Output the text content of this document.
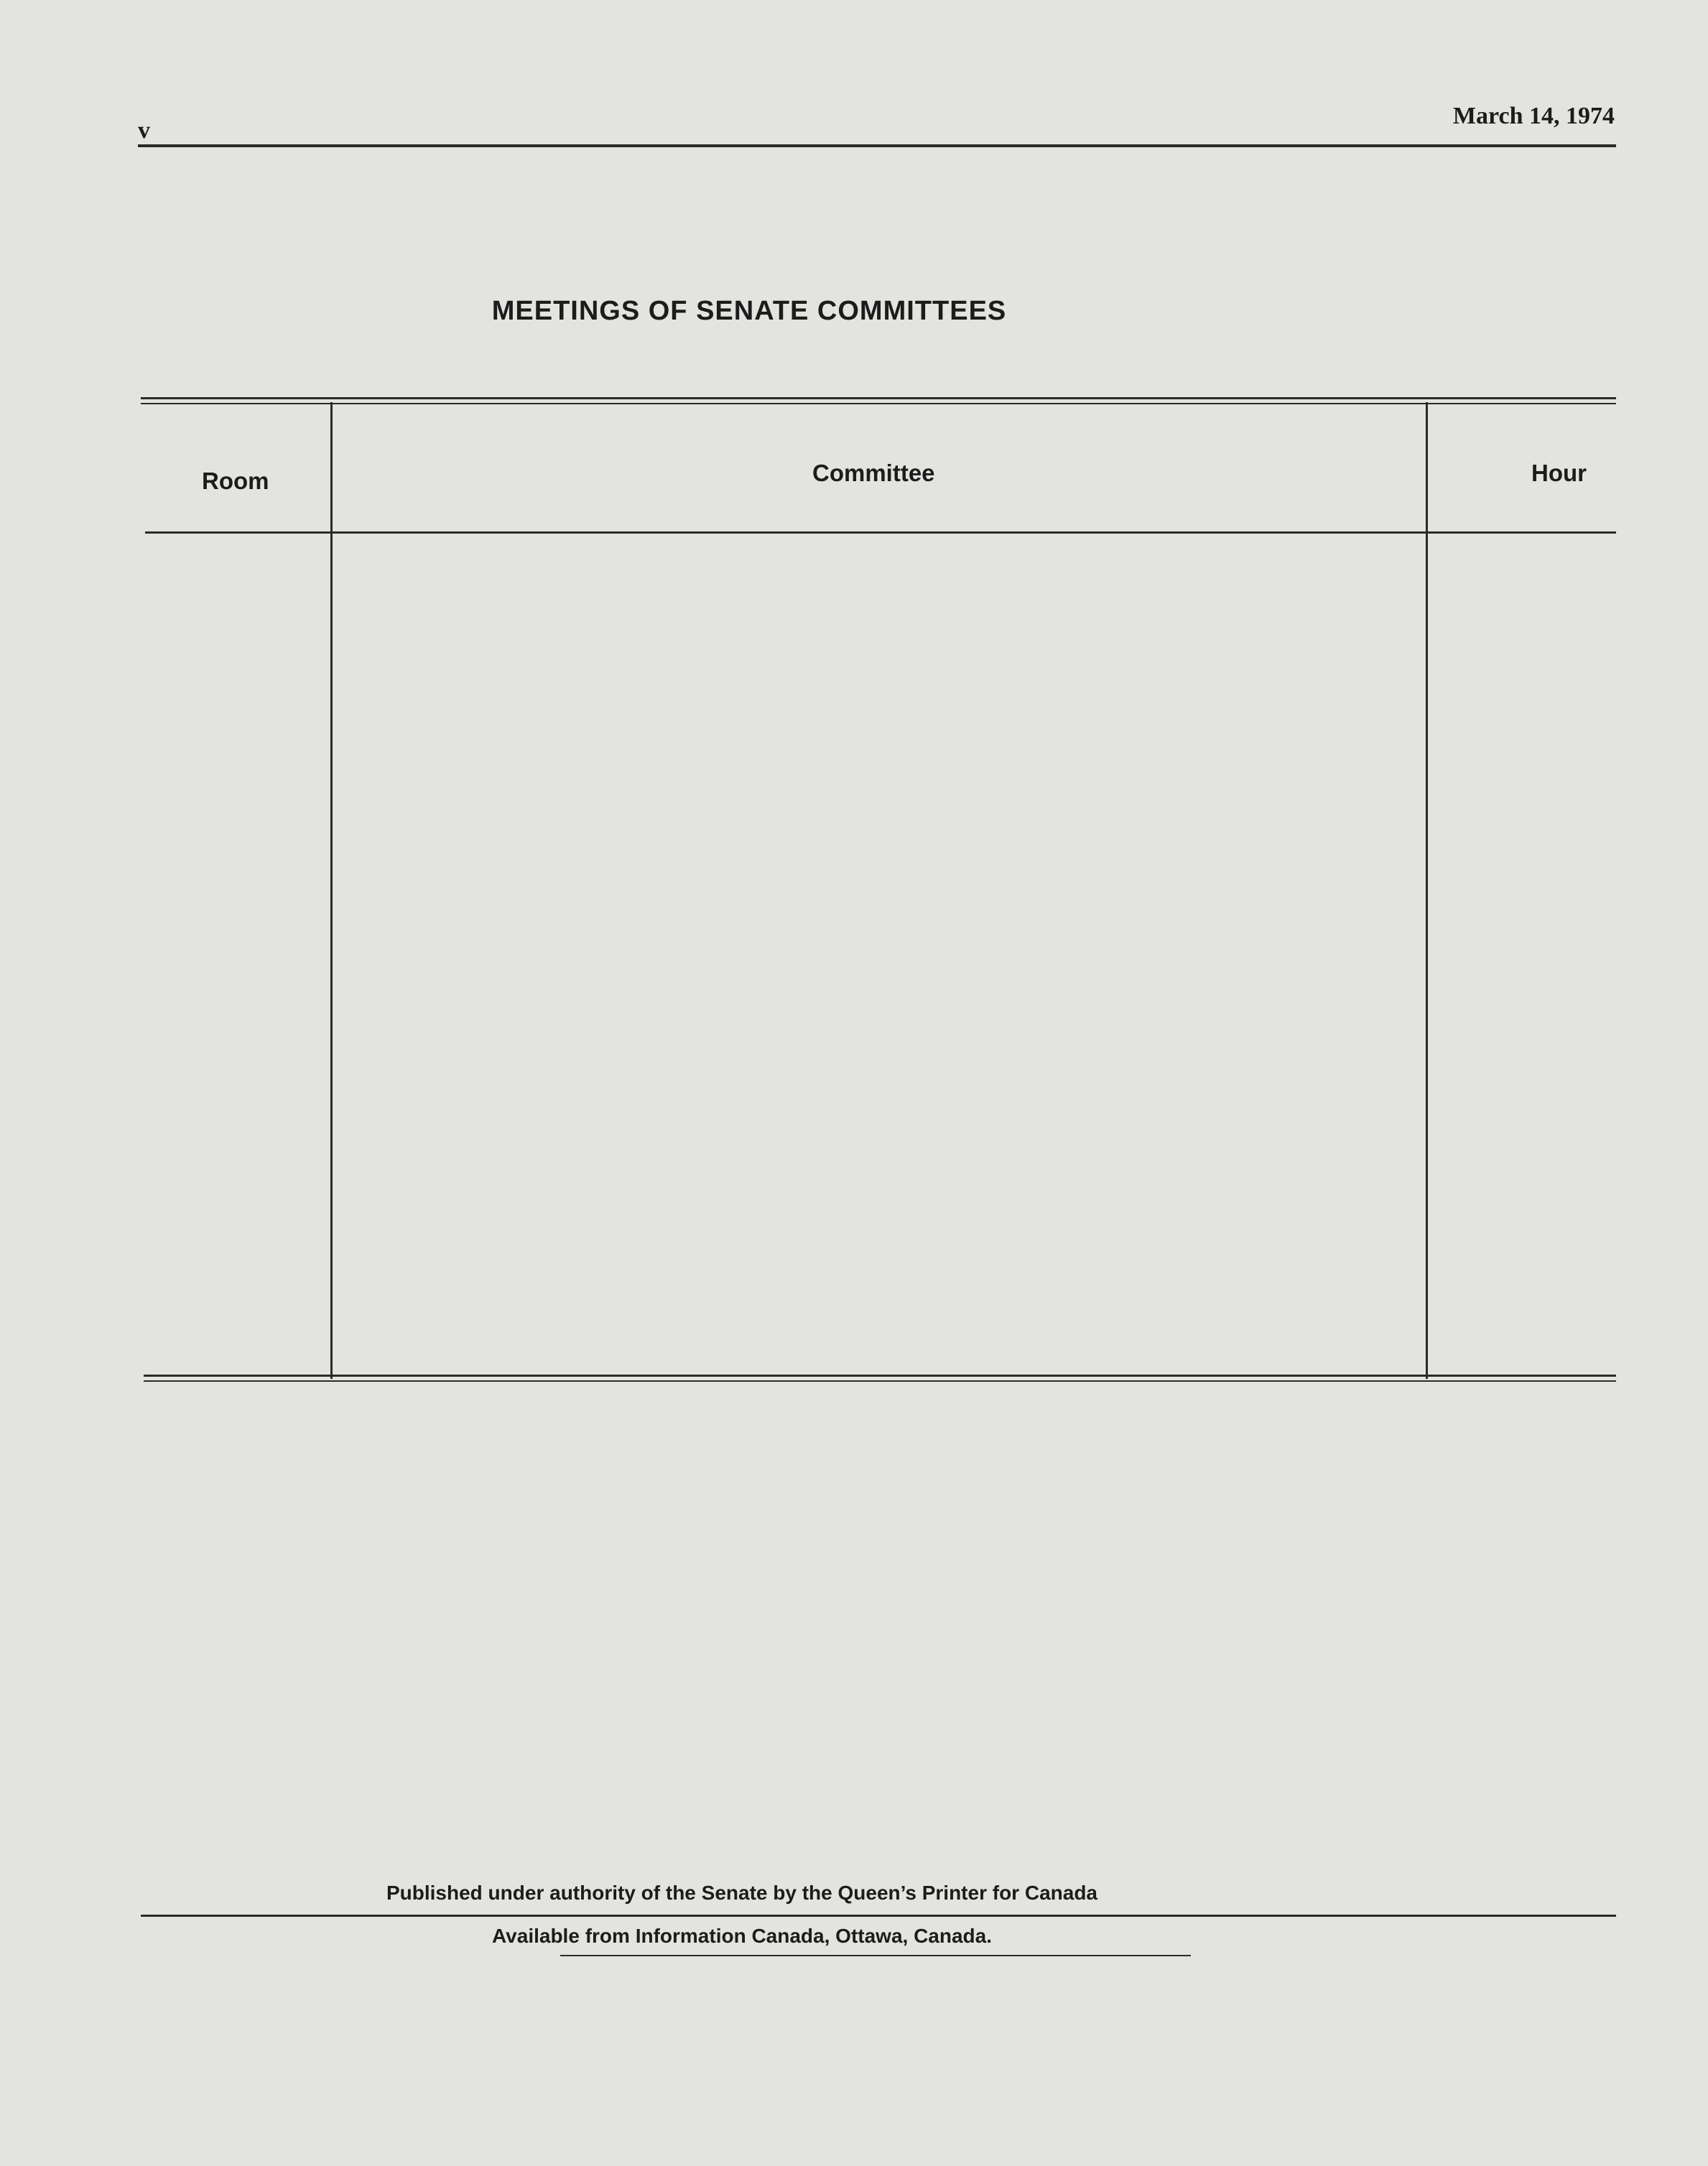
v
March 14, 1974
MEETINGS OF SENATE COMMITTEES
Room	Committee	Hour
Published under authority of the Senate by the Queen’s Printer for Canada
Available from Information Canada, Ottawa, Canada.
